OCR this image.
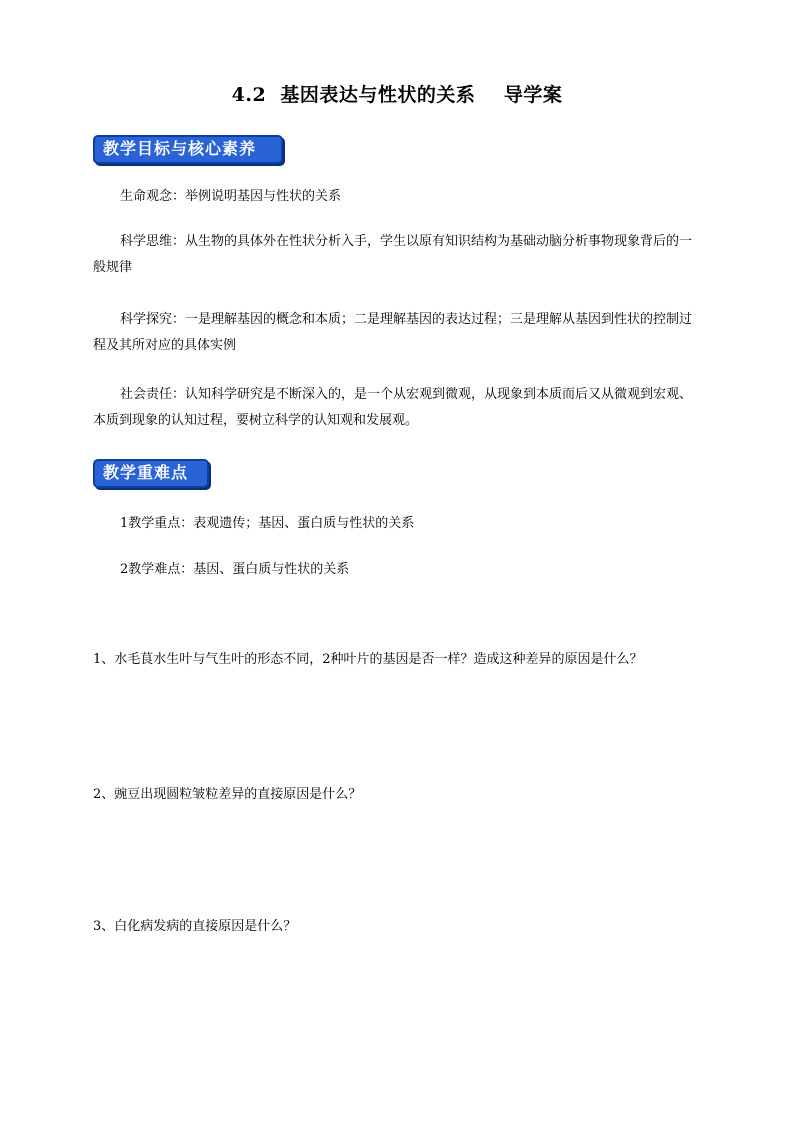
4.2  基因表达与性状的关系    导学案
教学目标与核心素养
生命观念：举例说明基因与性状的关系
科学思维：从生物的具体外在性状分析入手，学生以原有知识结构为基础动脑分析事物现象背后的一般规律
科学探究：一是理解基因的概念和本质；二是理解基因的表达过程；三是理解从基因到性状的控制过程及其所对应的具体实例
社会责任：认知科学研究是不断深入的，是一个从宏观到微观，从现象到本质而后又从微观到宏观、本质到现象的认知过程，要树立科学的认知观和发展观。
教学重难点
1教学重点：表观遗传；基因、蛋白质与性状的关系
2教学难点：基因、蛋白质与性状的关系
1、水毛茛水生叶与气生叶的形态不同，2种叶片的基因是否一样？造成这种差异的原因是什么？
2、豌豆出现圆粒皱粒差异的直接原因是什么？
3、白化病发病的直接原因是什么？
